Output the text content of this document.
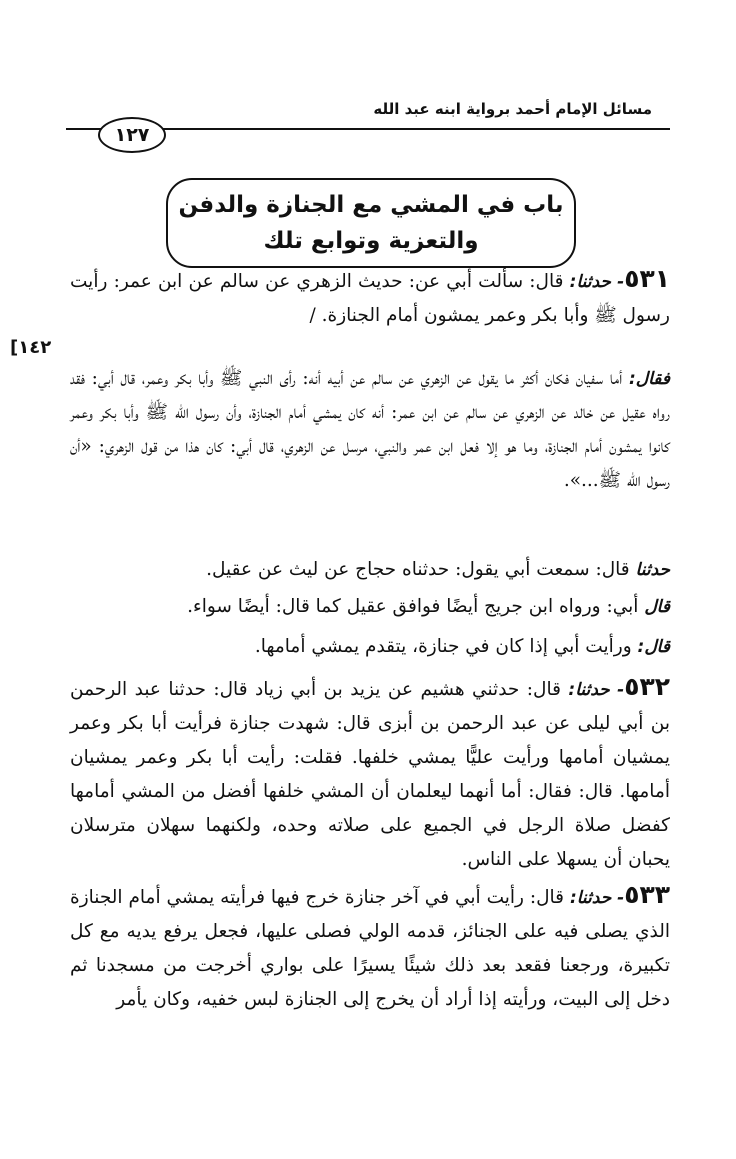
مسائل الإمام أحمد برواية ابنه عبد الله
١٢٧
باب في المشي مع الجنازة والدفن
والتعزية وتوابع تلك
١٤٢]

٥٣١- حدثنا: قال: سألت أبي عن: حديث الزهري عن سالم عن ابن عمر: رأيت رسول ﷺ وأبا بكر وعمر يمشون أمام الجنازة. /

فقال: أما سفيان فكان أكثر ما يقول عن الزهري عن سالم عن أبيه أنه: رأى النبي ﷺ وأبا بكر وعمر، قال أبي: فقد رواه عقيل عن خالد عن الزهري عن سالم عن ابن عمر: أنه كان يمشي أمام الجنازة، وأن رسول الله ﷺ وأبا بكر وعمر كانوا يمشون أمام الجنازة، وما هو إلا فعل ابن عمر والنبي، مرسل عن الزهري، قال أبي: كان هذا من قول الزهري: «أن رسول الله ﷺ...».

حدثنا قال: سمعت أبي يقول: حدثناه حجاج عن ليث عن عقيل.

قال أبي: ورواه ابن جريج أيضًا فوافق عقيل كما قال: أيضًا سواء.

قال: ورأيت أبي إذا كان في جنازة، يتقدم يمشي أمامها.

٥٣٢- حدثنا: قال: حدثني هشيم عن يزيد بن أبي زياد قال: حدثنا عبد الرحمن بن أبي ليلى عن عبد الرحمن بن أبزى قال: شهدت جنازة فرأيت أبا بكر وعمر يمشيان أمامها ورأيت عليًّا يمشي خلفها. فقلت: رأيت أبا بكر وعمر يمشيان أمامها. قال: فقال: أما أنهما ليعلمان أن المشي خلفها أفضل من المشي أمامها كفضل صلاة الرجل في الجميع على صلاته وحده، ولكنهما سهلان مترسلان يحبان أن يسهلا على الناس.

٥٣٣- حدثنا: قال: رأيت أبي في آخر جنازة خرج فيها فرأيته يمشي أمام الجنازة الذي يصلى فيه على الجنائز، قدمه الولي فصلى عليها، فجعل يرفع يديه مع كل تكبيرة، ورجعنا فقعد بعد ذلك شيئًا يسيرًا على بواري أخرجت من مسجدنا ثم دخل إلى البيت، ورأيته إذا أراد أن يخرج إلى الجنازة لبس خفيه، وكان يأمر
